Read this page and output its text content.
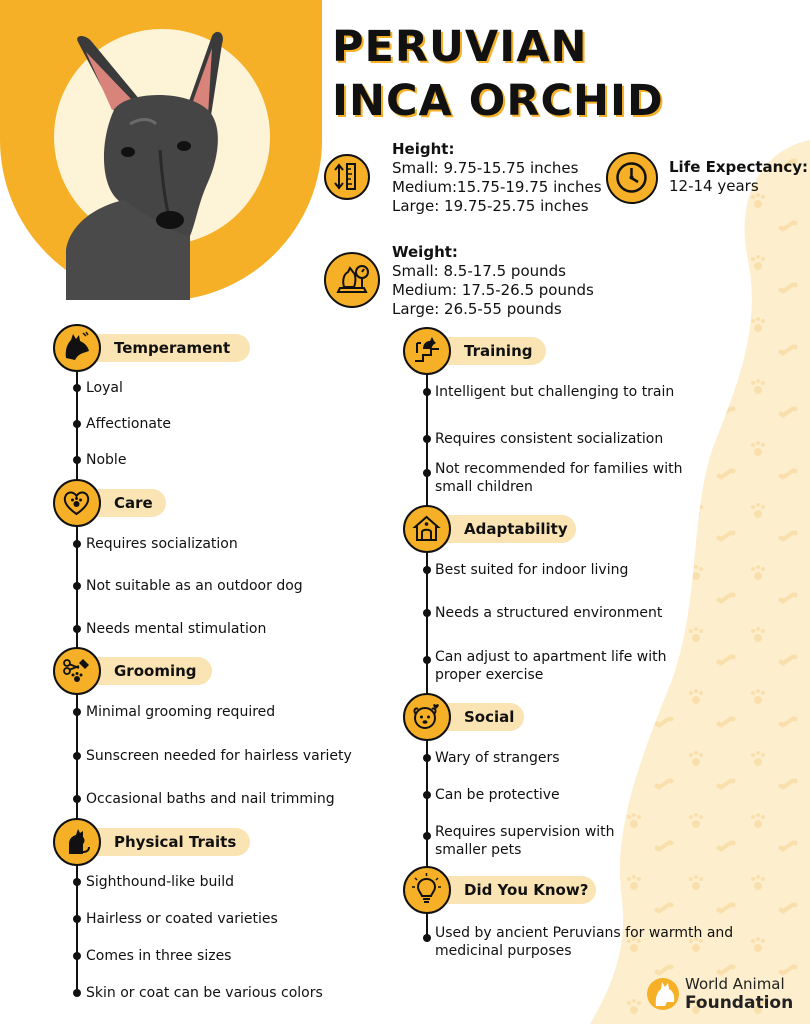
PERUVIAN
INCA ORCHID
Height:
Small: 9.75-15.75 inches
Medium:15.75-19.75 inches
Large: 19.75-25.75 inches
Life Expectancy:
12-14 years
Weight:
Small: 8.5-17.5 pounds
Medium: 17.5-26.5 pounds
Large: 26.5-55 pounds
Temperament
Loyal
Affectionate
Noble
Care
Requires socialization
Not suitable as an outdoor dog
Needs mental stimulation
Grooming
Minimal grooming required
Sunscreen needed for hairless variety
Occasional baths and nail trimming
Physical Traits
Sighthound-like build
Hairless or coated varieties
Comes in three sizes
Skin or coat can be various colors
Training
Intelligent but challenging to train
Requires consistent socialization
Not recommended for families with small children
Adaptability
Best suited for indoor living
Needs a structured environment
Can adjust to apartment life with proper exercise
Social
Wary of strangers
Can be protective
Requires supervision with smaller pets
Did You Know?
Used by ancient Peruvians for warmth and medicinal purposes
World Animal
Foundation
